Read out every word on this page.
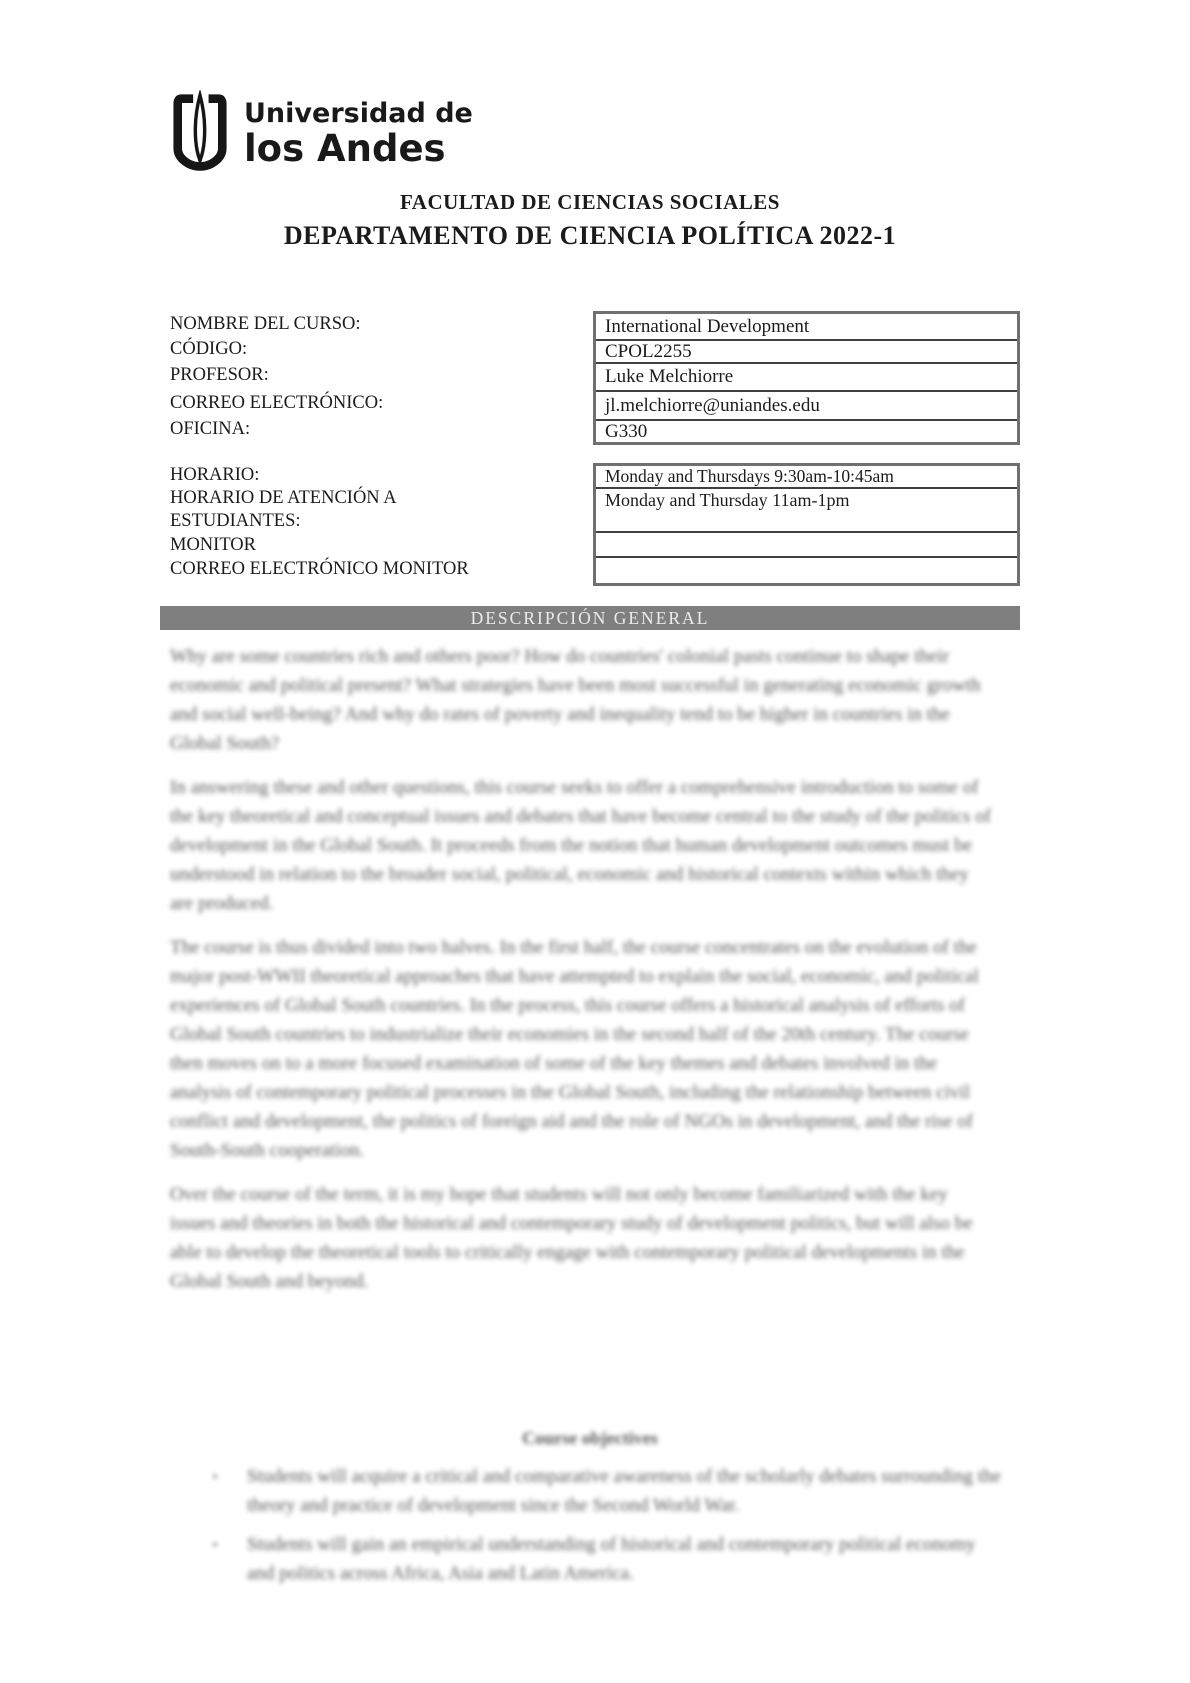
Universidad de
los Andes
FACULTAD DE CIENCIAS SOCIALES
DEPARTAMENTO DE CIENCIA POLÍTICA 2022-1
NOMBRE DEL CURSO:
CÓDIGO:
PROFESOR:
CORREO ELECTRÓNICO:
OFICINA:
International Development
CPOL2255
Luke Melchiorre
jl.melchiorre@uniandes.edu
G330
HORARIO:
HORARIO DE ATENCIÓN A ESTUDIANTES:
MONITOR
CORREO ELECTRÓNICO MONITOR
Monday and Thursdays 9:30am-10:45am
Monday and Thursday 11am-1pm
DESCRIPCIÓN GENERAL

Why are some countries rich and others poor? How do countries' colonial pasts continue to shape their economic and political present? What strategies have been most successful in generating economic growth and social well-being? And why do rates of poverty and inequality tend to be higher in countries in the Global South?

In answering these and other questions, this course seeks to offer a comprehensive introduction to some of the key theoretical and conceptual issues and debates that have become central to the study of the politics of development in the Global South. It proceeds from the notion that human development outcomes must be understood in relation to the broader social, political, economic and historical contexts within which they are produced.

The course is thus divided into two halves. In the first half, the course concentrates on the evolution of the major post-WWII theoretical approaches that have attempted to explain the social, economic, and political experiences of Global South countries. In the process, this course offers a historical analysis of efforts of Global South countries to industrialize their economies in the second half of the 20th century. The course then moves on to a more focused examination of some of the key themes and debates involved in the analysis of contemporary political processes in the Global South, including the relationship between civil conflict and development, the politics of foreign aid and the role of NGOs in development, and the rise of South-South cooperation.

Over the course of the term, it is my hope that students will not only become familiarized with the key issues and theories in both the historical and contemporary study of development politics, but will also be able to develop the theoretical tools to critically engage with contemporary political developments in the Global South and beyond.

Course objectives
▪	Students will acquire a critical and comparative awareness of the scholarly debates surrounding the theory and practice of development since the Second World War.
▪	Students will gain an empirical understanding of historical and contemporary political economy and politics across Africa, Asia and Latin America.
